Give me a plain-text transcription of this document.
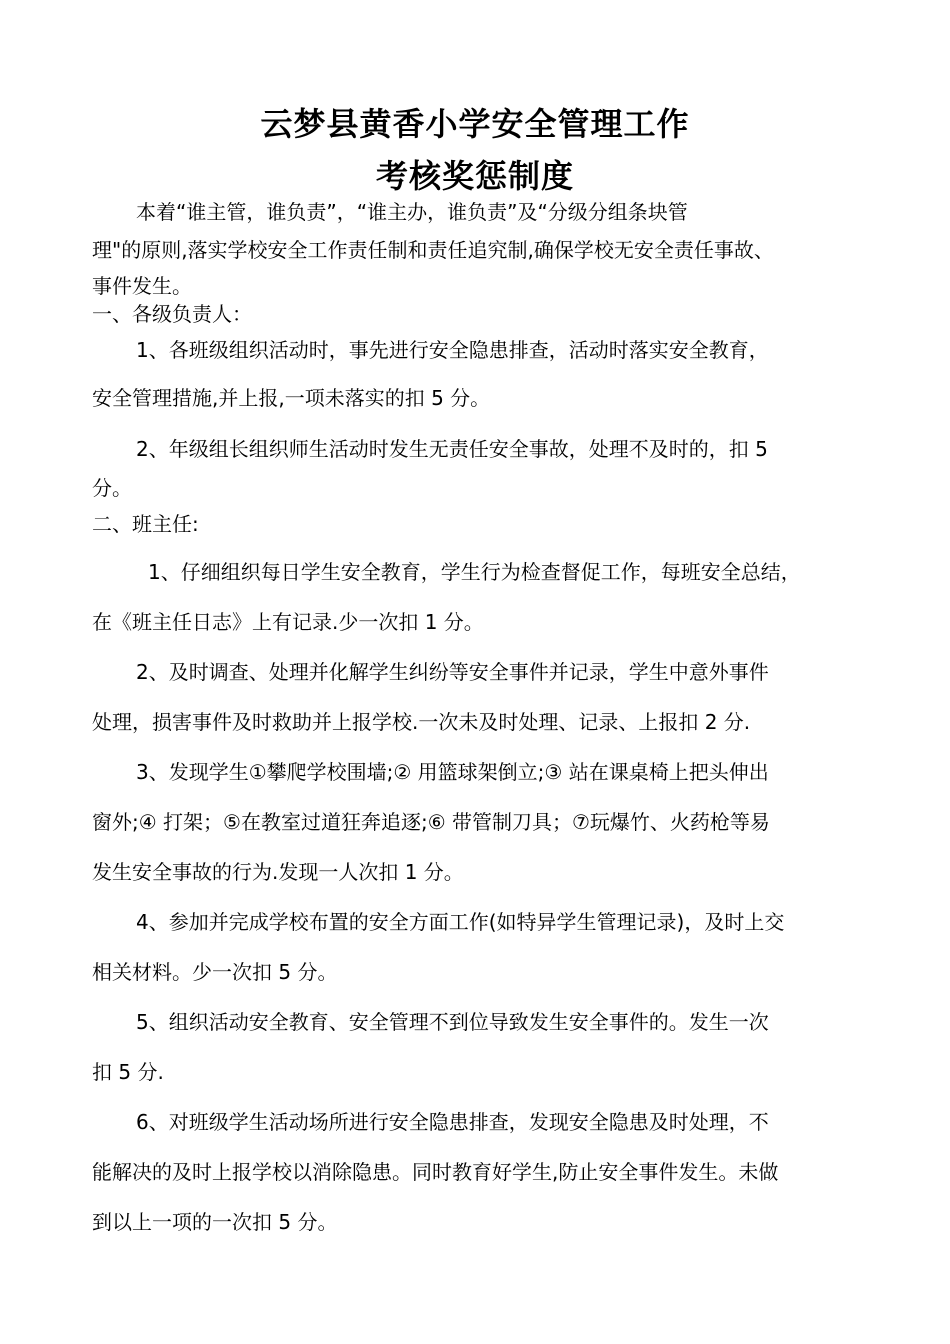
云梦县黄香小学安全管理工作
考核奖惩制度
本着“谁主管，谁负责”，“谁主办，谁负责”及“分级分组条块管
理"的原则,落实学校安全工作责任制和责任追究制,确保学校无安全责任事故、
事件发生。
一、各级负责人：
1、各班级组织活动时，事先进行安全隐患排查，活动时落实安全教育，
安全管理措施,并上报,一项未落实的扣 5 分。
2、年级组长组织师生活动时发生无责任安全事故，处理不及时的，扣 5
分。
二、班主任:
1、仔细组织每日学生安全教育，学生行为检查督促工作，每班安全总结，
在《班主任日志》上有记录.少一次扣 1 分。
2、及时调查、处理并化解学生纠纷等安全事件并记录，学生中意外事件
处理，损害事件及时救助并上报学校.一次未及时处理、记录、上报扣 2 分.
3、发现学生①攀爬学校围墙;② 用篮球架倒立;③ 站在课桌椅上把头伸出
窗外;④ 打架；⑤在教室过道狂奔追逐;⑥ 带管制刀具；⑦玩爆竹、火药枪等易
发生安全事故的行为.发现一人次扣 1 分。
4、参加并完成学校布置的安全方面工作(如特异学生管理记录)，及时上交
相关材料。少一次扣 5 分。
5、组织活动安全教育、安全管理不到位导致发生安全事件的。发生一次
扣 5 分.
6、对班级学生活动场所进行安全隐患排查，发现安全隐患及时处理，不
能解决的及时上报学校以消除隐患。同时教育好学生,防止安全事件发生。未做
到以上一项的一次扣 5 分。
